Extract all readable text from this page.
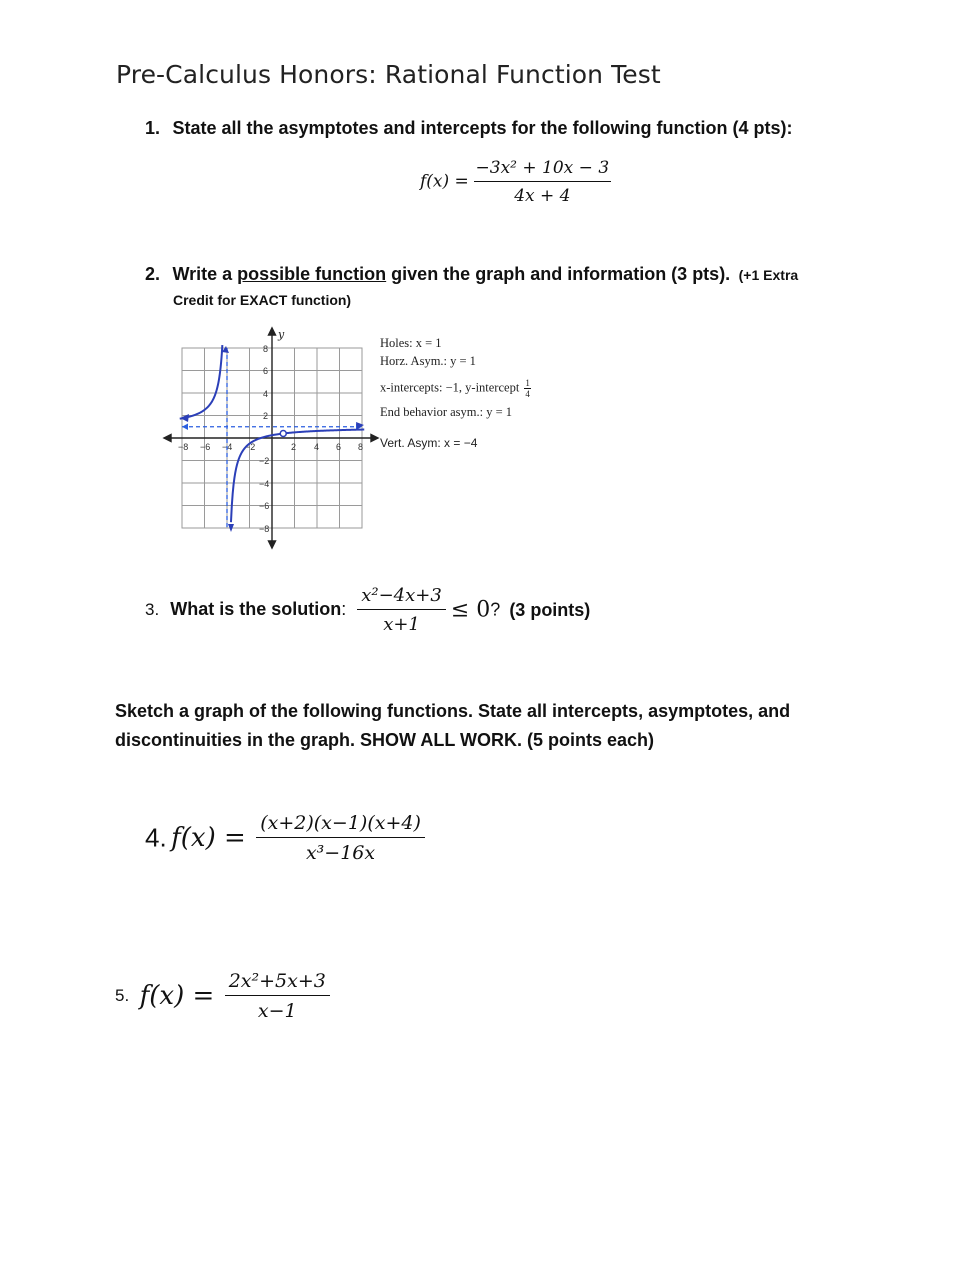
Pre-Calculus Honors: Rational Function Test
1. State all the asymptotes and intercepts for the following function (4 pts):
$f(x) = \frac{\text{−3x² + 10x − 3}}{4x + 4}$
2. Write a possible function given the graph and information (3 pts). (+1 Extra
Credit for EXACT function)
y
−8 −6 −4 −2	2 4 6 8
8
6
4
2
−2
−4
−6
−8
Holes: x = 1
Horz. Asym.: y = 1
x-intercepts: −1, y-intercept $\frac{1}{4}$
End behavior asym.: y = 1
Vert. Asym: x = −4
3. What is the solution: $\frac{\text{x²−4x+3}}{x+1} \le 0$? (3 points)
Sketch a graph of the following functions. State all intercepts, asymptotes, and
discontinuities in the graph. SHOW ALL WORK. (5 points each)
4. $f(x) = \frac{(x+2)(x-1)(x+4)}{\text{x³−16x}}$
5. $f(x) = \frac{\text{2x²+5x+3}}{x-1}$
